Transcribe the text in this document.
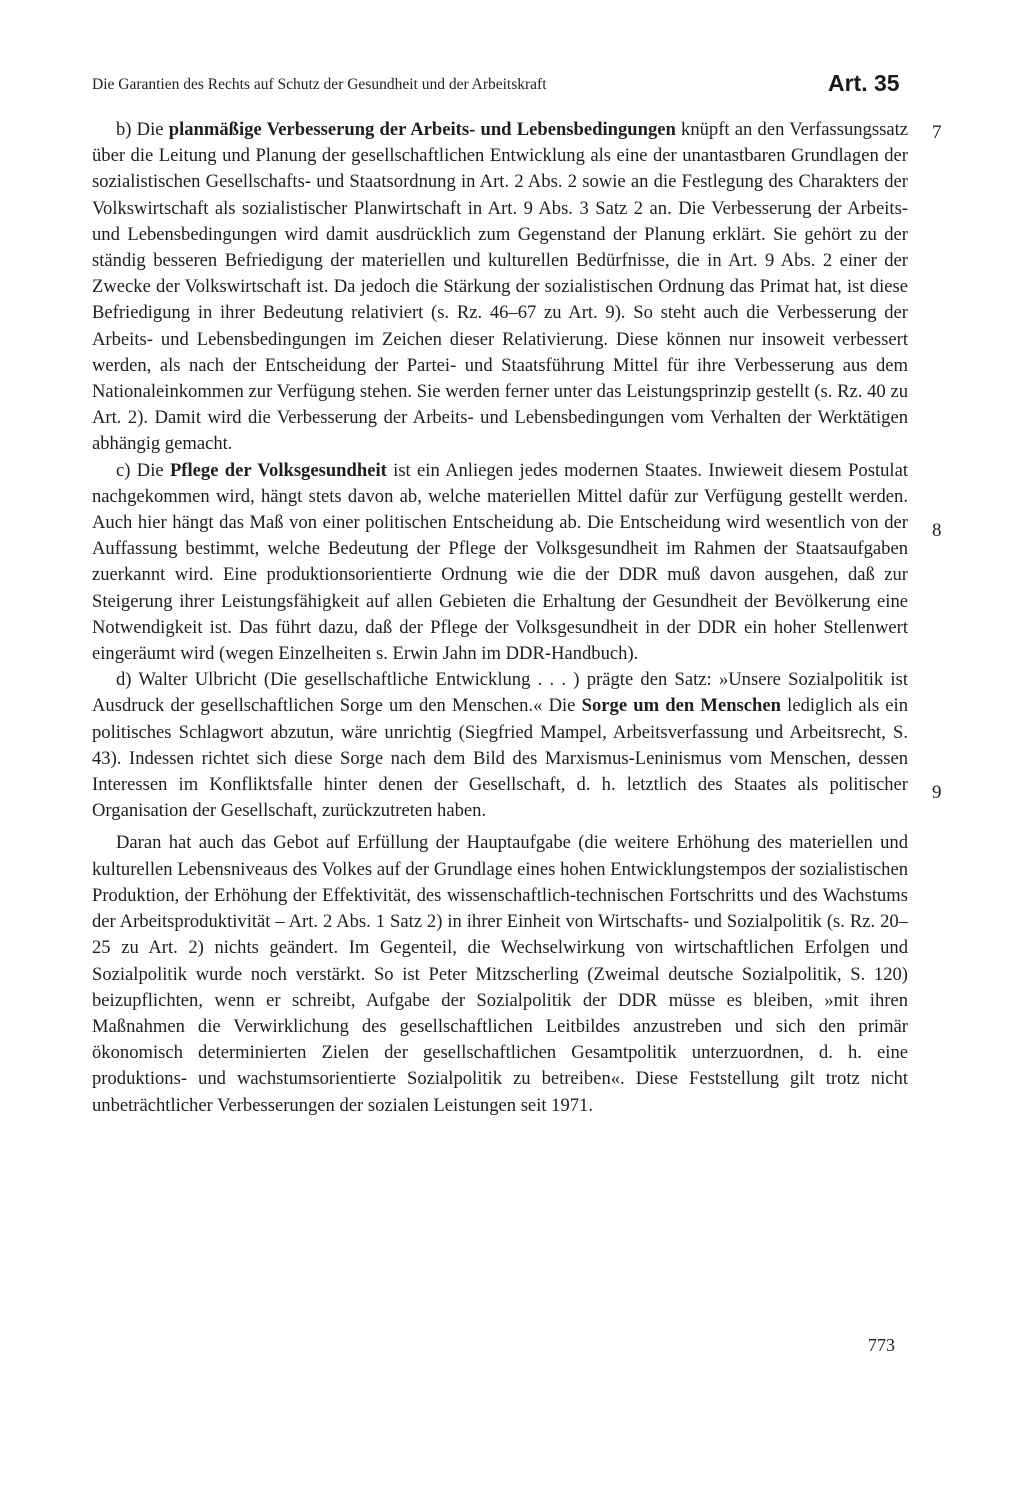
Die Garantien des Rechts auf Schutz der Gesundheit und der Arbeitskraft	Art. 35
7
8
9

b) Die planmäßige Verbesserung der Arbeits- und Lebensbedingungen knüpft an den Verfassungssatz über die Leitung und Planung der gesellschaftlichen Entwicklung als eine der unantastbaren Grundlagen der sozialistischen Gesellschafts- und Staatsordnung in Art. 2 Abs. 2 sowie an die Festlegung des Charakters der Volkswirtschaft als sozialistischer Planwirtschaft in Art. 9 Abs. 3 Satz 2 an. Die Verbesserung der Arbeits- und Lebensbedingungen wird damit ausdrücklich zum Gegenstand der Planung erklärt. Sie gehört zu der ständig besseren Befriedigung der materiellen und kulturellen Bedürfnisse, die in Art. 9 Abs. 2 einer der Zwecke der Volkswirtschaft ist. Da jedoch die Stärkung der sozialistischen Ordnung das Primat hat, ist diese Befriedigung in ihrer Bedeutung relativiert (s. Rz. 46–67 zu Art. 9). So steht auch die Verbesserung der Arbeits- und Lebensbedingungen im Zeichen dieser Relativierung. Diese können nur insoweit verbessert werden, als nach der Entscheidung der Partei- und Staatsführung Mittel für ihre Verbesserung aus dem Nationaleinkommen zur Verfügung stehen. Sie werden ferner unter das Leistungsprinzip gestellt (s. Rz. 40 zu Art. 2). Damit wird die Verbesserung der Arbeits- und Lebensbedingungen vom Verhalten der Werktätigen abhängig gemacht.

c) Die Pflege der Volksgesundheit ist ein Anliegen jedes modernen Staates. Inwieweit diesem Postulat nachgekommen wird, hängt stets davon ab, welche materiellen Mittel dafür zur Verfügung gestellt werden. Auch hier hängt das Maß von einer politischen Entscheidung ab. Die Entscheidung wird wesentlich von der Auffassung bestimmt, welche Bedeutung der Pflege der Volksgesundheit im Rahmen der Staatsaufgaben zuerkannt wird. Eine produktionsorientierte Ordnung wie die der DDR muß davon ausgehen, daß zur Steigerung ihrer Leistungsfähigkeit auf allen Gebieten die Erhaltung der Gesundheit der Bevölkerung eine Notwendigkeit ist. Das führt dazu, daß der Pflege der Volksgesundheit in der DDR ein hoher Stellenwert eingeräumt wird (wegen Einzelheiten s. Erwin Jahn im DDR-Handbuch).

d) Walter Ulbricht (Die gesellschaftliche Entwicklung . . . ) prägte den Satz: »Unsere Sozialpolitik ist Ausdruck der gesellschaftlichen Sorge um den Menschen.« Die Sorge um den Menschen lediglich als ein politisches Schlagwort abzutun, wäre unrichtig (Siegfried Mampel, Arbeitsverfassung und Arbeitsrecht, S. 43). Indessen richtet sich diese Sorge nach dem Bild des Marxismus-Leninismus vom Menschen, dessen Interessen im Konfliktsfalle hinter denen der Gesellschaft, d. h. letztlich des Staates als politischer Organisation der Gesellschaft, zurückzutreten haben.

Daran hat auch das Gebot auf Erfüllung der Hauptaufgabe (die weitere Erhöhung des materiellen und kulturellen Lebensniveaus des Volkes auf der Grundlage eines hohen Entwicklungstempos der sozialistischen Produktion, der Erhöhung der Effektivität, des wissenschaftlich-technischen Fortschritts und des Wachstums der Arbeitsproduktivität – Art. 2 Abs. 1 Satz 2) in ihrer Einheit von Wirtschafts- und Sozialpolitik (s. Rz. 20–25 zu Art. 2) nichts geändert. Im Gegenteil, die Wechselwirkung von wirtschaftlichen Erfolgen und Sozialpolitik wurde noch verstärkt. So ist Peter Mitzscherling (Zweimal deutsche Sozialpolitik, S. 120) beizupflichten, wenn er schreibt, Aufgabe der Sozialpolitik der DDR müsse es bleiben, »mit ihren Maßnahmen die Verwirklichung des gesellschaftlichen Leitbildes anzustreben und sich den primär ökonomisch determinierten Zielen der gesellschaftlichen Gesamtpolitik unterzuordnen, d. h. eine produktions- und wachstumsorientierte Sozialpolitik zu betreiben«. Diese Feststellung gilt trotz nicht unbeträchtlicher Verbesserungen der sozialen Leistungen seit 1971.

773
